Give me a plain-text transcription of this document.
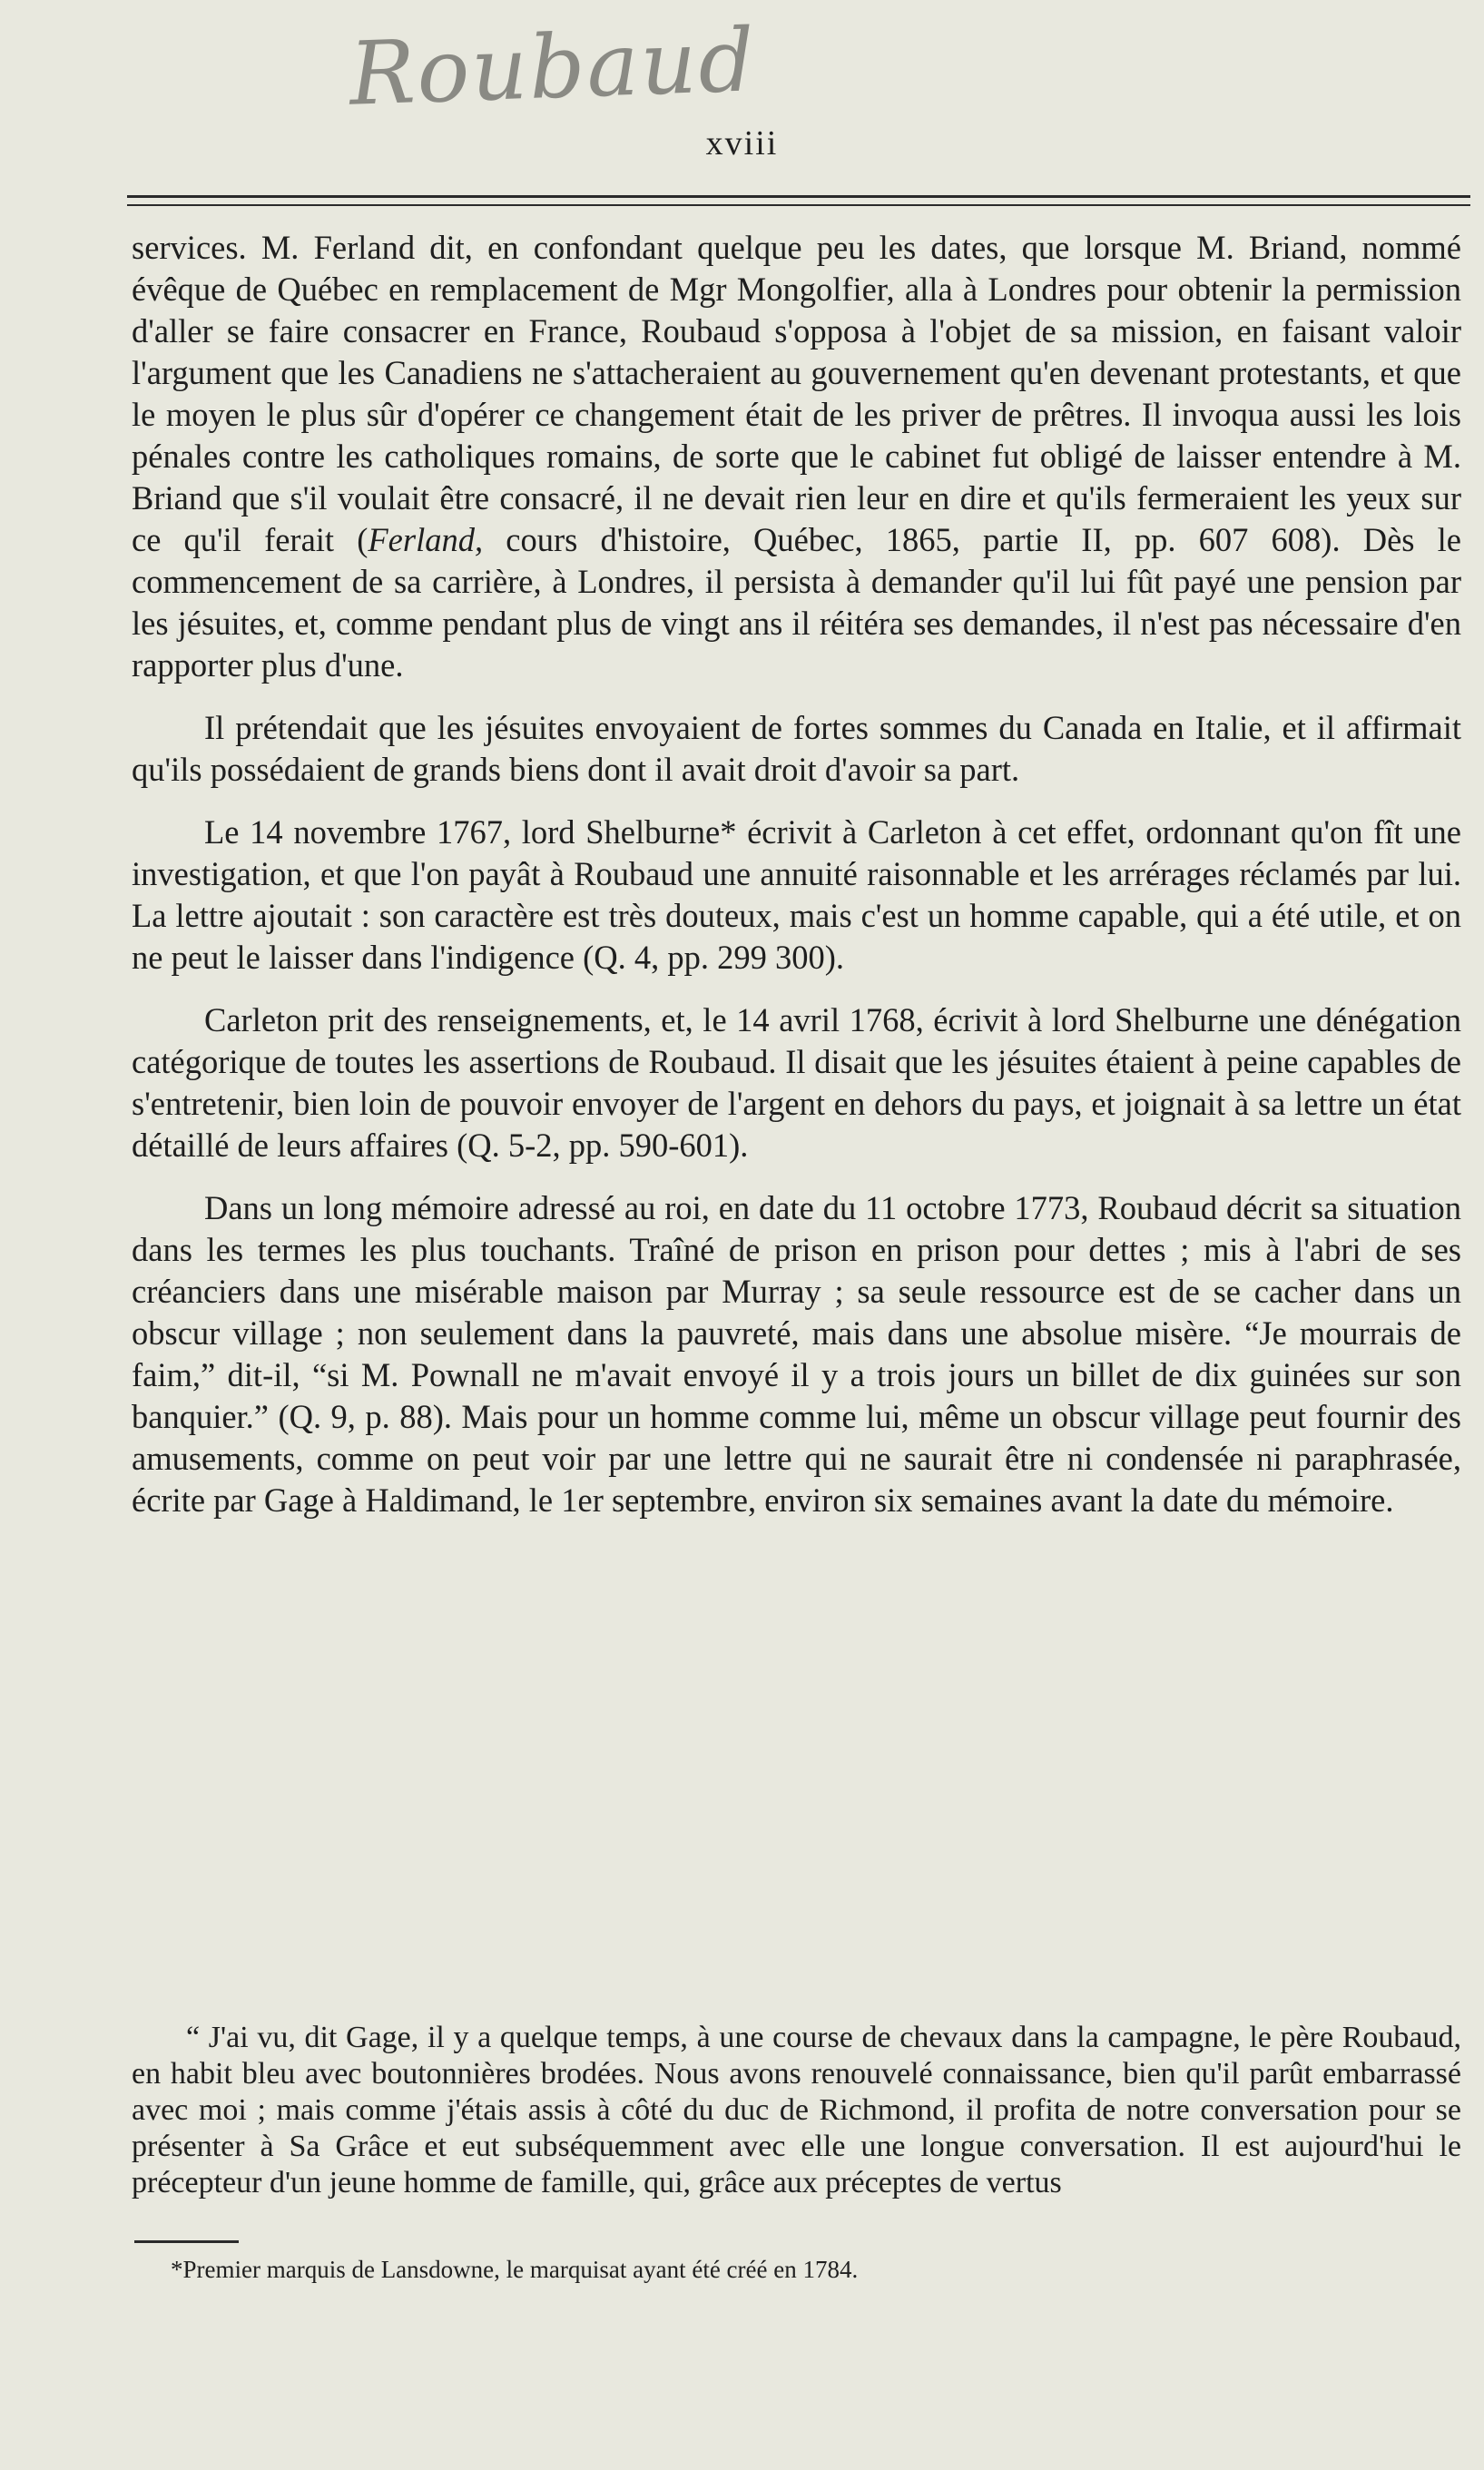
Roubaud
xviii

services. M. Ferland dit, en confondant quelque peu les dates, que lorsque M. Briand, nommé évêque de Québec en remplacement de Mgr Mongolfier, alla à Londres pour obtenir la permission d'aller se faire consacrer en France, Roubaud s'opposa à l'objet de sa mission, en faisant valoir l'argument que les Canadiens ne s'attacheraient au gouvernement qu'en devenant protestants, et que le moyen le plus sûr d'opérer ce changement était de les priver de prêtres. Il invoqua aussi les lois pénales contre les catholiques romains, de sorte que le cabinet fut obligé de laisser entendre à M. Briand que s'il voulait être consacré, il ne devait rien leur en dire et qu'ils fermeraient les yeux sur ce qu'il ferait (Ferland, cours d'histoire, Québec, 1865, partie II, pp. 607 608). Dès le commencement de sa carrière, à Londres, il persista à demander qu'il lui fût payé une pension par les jésuites, et, comme pendant plus de vingt ans il réitéra ses demandes, il n'est pas nécessaire d'en rapporter plus d'une.

Il prétendait que les jésuites envoyaient de fortes sommes du Canada en Italie, et il affirmait qu'ils possédaient de grands biens dont il avait droit d'avoir sa part.

Le 14 novembre 1767, lord Shelburne* écrivit à Carleton à cet effet, ordonnant qu'on fît une investigation, et que l'on payât à Roubaud une annuité raisonnable et les arrérages réclamés par lui. La lettre ajoutait : son caractère est très douteux, mais c'est un homme capable, qui a été utile, et on ne peut le laisser dans l'indigence (Q. 4, pp. 299 300).

Carleton prit des renseignements, et, le 14 avril 1768, écrivit à lord Shelburne une dénégation catégorique de toutes les assertions de Roubaud. Il disait que les jésuites étaient à peine capables de s'entretenir, bien loin de pouvoir envoyer de l'argent en dehors du pays, et joignait à sa lettre un état détaillé de leurs affaires (Q. 5-2, pp. 590-601).

Dans un long mémoire adressé au roi, en date du 11 octobre 1773, Roubaud décrit sa situation dans les termes les plus touchants. Traîné de prison en prison pour dettes ; mis à l'abri de ses créanciers dans une misérable maison par Murray ; sa seule ressource est de se cacher dans un obscur village ; non seulement dans la pauvreté, mais dans une absolue misère. “Je mourrais de faim,” dit-il, “si M. Pownall ne m'avait envoyé il y a trois jours un billet de dix guinées sur son banquier.” (Q. 9, p. 88). Mais pour un homme comme lui, même un obscur village peut fournir des amusements, comme on peut voir par une lettre qui ne saurait être ni condensée ni paraphrasée, écrite par Gage à Haldimand, le 1er septembre, environ six semaines avant la date du mémoire.

“ J'ai vu, dit Gage, il y a quelque temps, à une course de chevaux dans la campagne, le père Roubaud, en habit bleu avec boutonnières brodées. Nous avons renouvelé connaissance, bien qu'il parût embarrassé avec moi ; mais comme j'étais assis à côté du duc de Richmond, il profita de notre conversation pour se présenter à Sa Grâce et eut subséquemment avec elle une longue conversation. Il est aujourd'hui le précepteur d'un jeune homme de famille, qui, grâce aux préceptes de vertus

*Premier marquis de Lansdowne, le marquisat ayant été créé en 1784.
